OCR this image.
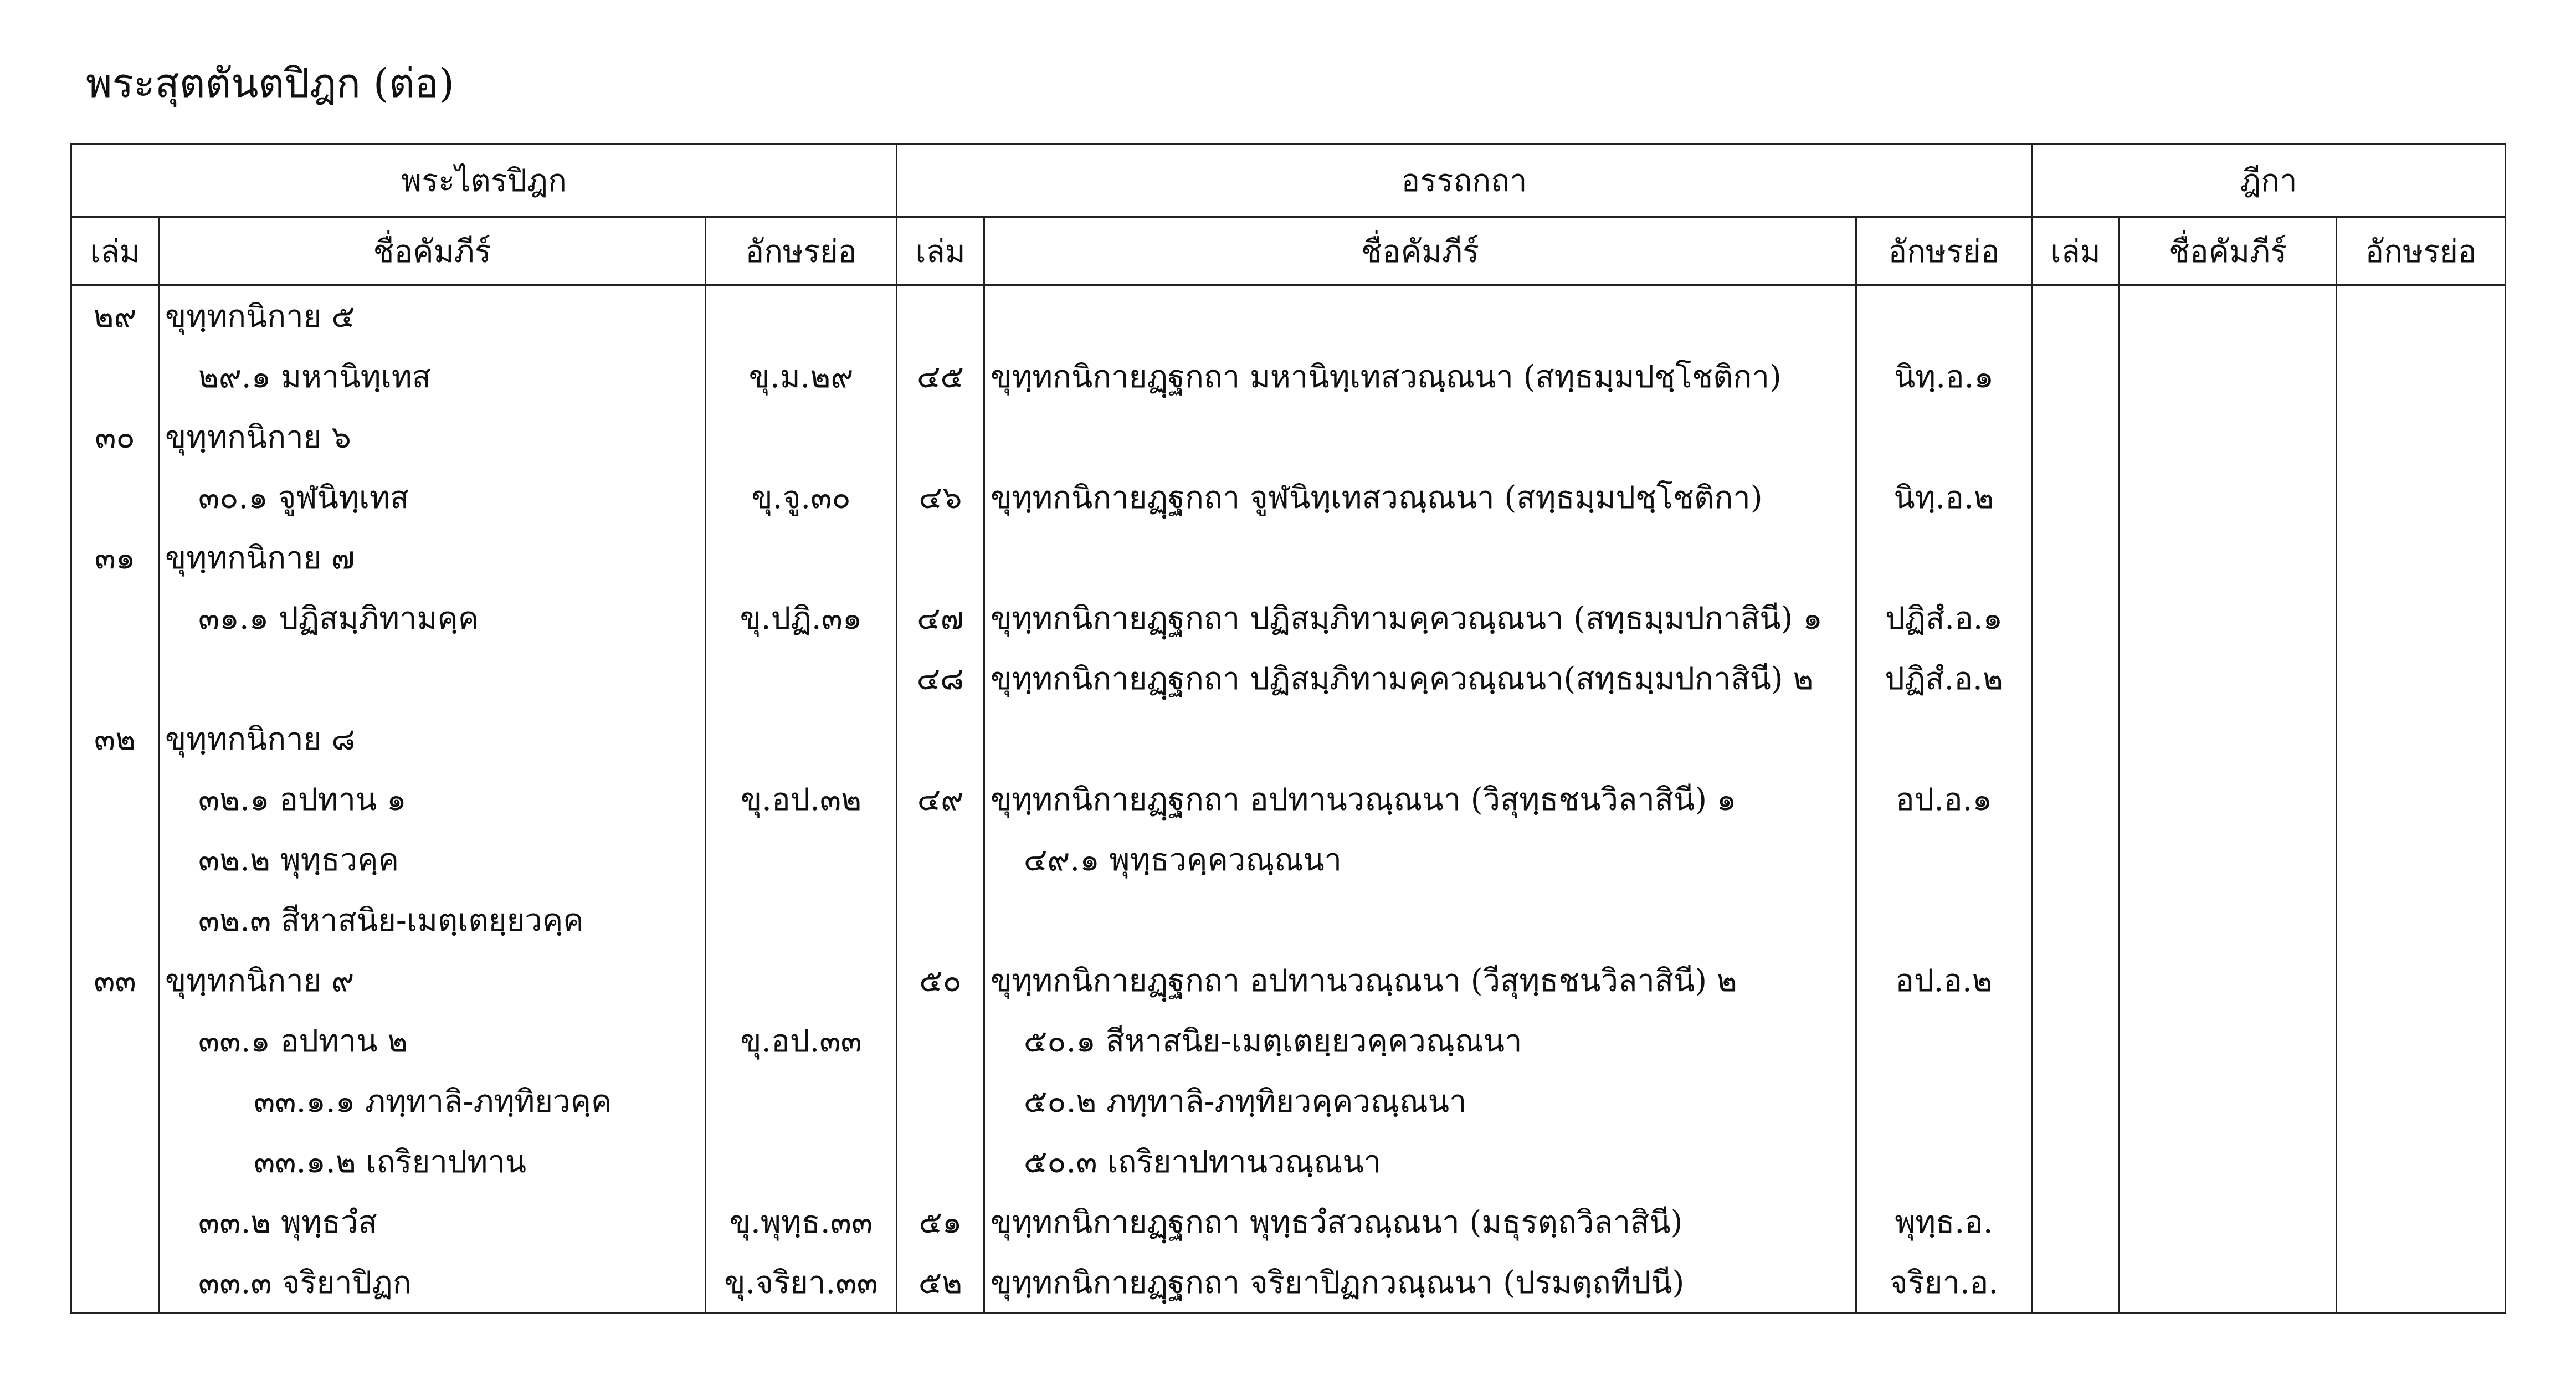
พระสุตตันตปิฎก (ต่อ)
พระไตรปิฎก			อรรถกถา			ฎีกา		
เล่ม	ชื่อคัมภีร์	อักษรย่อ	เล่ม	ชื่อคัมภีร์	อักษรย่อ	เล่ม	ชื่อคัมภีร์	อักษรย่อ
๒๙	ขุทฺทกนิกาย ๕							
	๒๙.๑ มหานิทฺเทส	ขุ.ม.๒๙	๔๕	ขุทฺทกนิกายฏฺฐกถา มหานิทฺเทสวณฺณนา (สทฺธมฺมปชฺโชติกา)	นิทฺ.อ.๑			
๓๐	ขุทฺทกนิกาย ๖							
	๓๐.๑ จูฬนิทฺเทส	ขุ.จู.๓๐	๔๖	ขุทฺทกนิกายฏฺฐกถา จูฬนิทฺเทสวณฺณนา (สทฺธมฺมปชฺโชติกา)	นิทฺ.อ.๒			
๓๑	ขุทฺทกนิกาย ๗							
	๓๑.๑ ปฏิสมฺภิทามคฺค	ขุ.ปฏิ.๓๑	๔๗	ขุทฺทกนิกายฏฺฐกถา ปฏิสมฺภิทามคฺควณฺณนา (สทฺธมฺมปกาสินี) ๑	ปฏิสํ.อ.๑			
			๔๘	ขุทฺทกนิกายฏฺฐกถา ปฏิสมฺภิทามคฺควณฺณนา(สทฺธมฺมปกาสินี) ๒	ปฏิสํ.อ.๒			
๓๒	ขุทฺทกนิกาย ๘							
	๓๒.๑ อปทาน ๑	ขุ.อป.๓๒	๔๙	ขุทฺทกนิกายฏฺฐกถา อปทานวณฺณนา (วิสุทฺธชนวิลาสินี) ๑	อป.อ.๑			
	๓๒.๒ พุทฺธวคฺค			๔๙.๑ พุทฺธวคฺควณฺณนา				
	๓๒.๓ สีหาสนิย-เมตฺเตยฺยวคฺค							
๓๓	ขุทฺทกนิกาย ๙		๕๐	ขุทฺทกนิกายฏฺฐกถา อปทานวณฺณนา (วีสุทฺธชนวิลาสินี) ๒	อป.อ.๒			
	๓๓.๑ อปทาน ๒	ขุ.อป.๓๓		๕๐.๑ สีหาสนิย-เมตฺเตยฺยวคฺควณฺณนา				
	๓๓.๑.๑ ภทฺทาลิ-ภทฺทิยวคฺค			๕๐.๒ ภทฺทาลิ-ภทฺทิยวคฺควณฺณนา				
	๓๓.๑.๒ เถริยาปทาน			๕๐.๓ เถริยาปทานวณฺณนา				
	๓๓.๒ พุทฺธวํส	ขุ.พุทฺธ.๓๓	๕๑	ขุทฺทกนิกายฏฺฐกถา พุทฺธวํสวณฺณนา (มธุรตฺถวิลาสินี)	พุทฺธ.อ.			
	๓๓.๓ จริยาปิฏก	ขุ.จริยา.๓๓	๕๒	ขุทฺทกนิกายฏฺฐกถา จริยาปิฏกวณฺณนา (ปรมตฺถทีปนี)	จริยา.อ.			
